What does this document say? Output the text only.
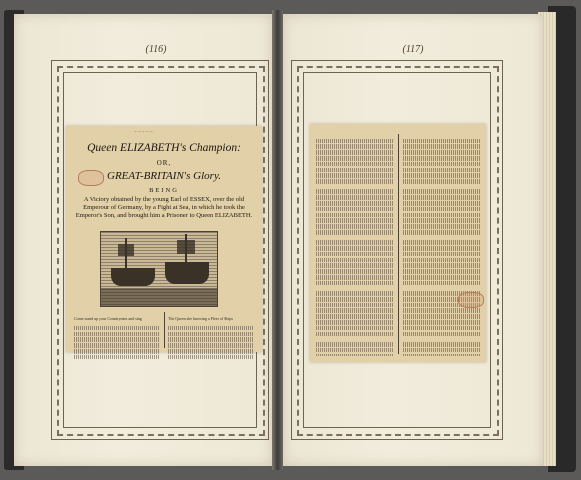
(116)
~ ~ ~ ~ ~
Queen ELIZABETH's Champion:
OR,
GREAT-BRITAIN's Glory.
BEING
A Victory obtained by the young Earl of ESSEX, over the old Emperour of Germany, by a Fight at Sea, in which he took the Emperor's Son, and brought him a Prisoner to Queen ELIZABETH.

Come stand up your Countrymen and sing	The Queen she knowing a Fleet of Ships

(117)
